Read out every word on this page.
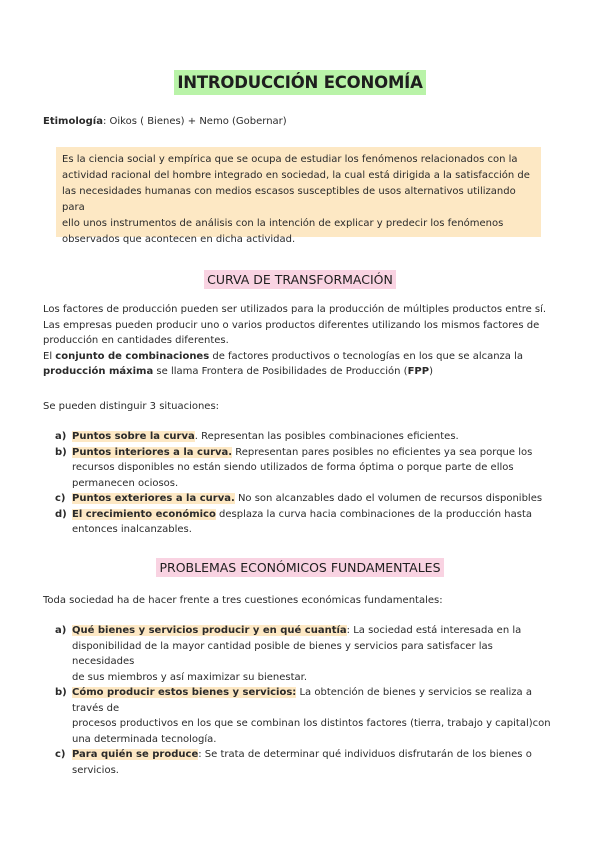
INTRODUCCIÓN ECONOMÍA
Etimología: Oikos ( Bienes) + Nemo (Gobernar)
Es la ciencia social y empírica que se ocupa de estudiar los fenómenos relacionados con la
actividad racional del hombre integrado en sociedad, la cual está dirigida a la satisfacción de
las necesidades humanas con medios escasos susceptibles de usos alternativos utilizando para
ello unos instrumentos de análisis con la intención de explicar y predecir los fenómenos
observados que acontecen en dicha actividad.
CURVA DE TRANSFORMACIÓN
Los factores de producción pueden ser utilizados para la producción de múltiples productos entre sí.
Las empresas pueden producir uno o varios productos diferentes utilizando los mismos factores de
producción en cantidades diferentes.
El conjunto de combinaciones de factores productivos o tecnologías en los que se alcanza la
producción máxima se llama Frontera de Posibilidades de Producción (FPP)
Se pueden distinguir 3 situaciones:
a) Puntos sobre la curva. Representan las posibles combinaciones eficientes.
b) Puntos interiores a la curva. Representan pares posibles no eficientes ya sea porque los
recursos disponibles no están siendo utilizados de forma óptima o porque parte de ellos
permanecen ociosos.
c) Puntos exteriores a la curva. No son alcanzables dado el volumen de recursos disponibles
d) El crecimiento económico desplaza la curva hacia combinaciones de la producción hasta
entonces inalcanzables.
PROBLEMAS ECONÓMICOS FUNDAMENTALES
Toda sociedad ha de hacer frente a tres cuestiones económicas fundamentales:
a) Qué bienes y servicios producir y en qué cuantía: La sociedad está interesada en la
disponibilidad de la mayor cantidad posible de bienes y servicios para satisfacer las necesidades
de sus miembros y así maximizar su bienestar.
b) Cómo producir estos bienes y servicios: La obtención de bienes y servicios se realiza a través de
procesos productivos en los que se combinan los distintos factores (tierra, trabajo y capital)con
una determinada tecnología.
c) Para quién se produce: Se trata de determinar qué individuos disfrutarán de los bienes o
servicios.
